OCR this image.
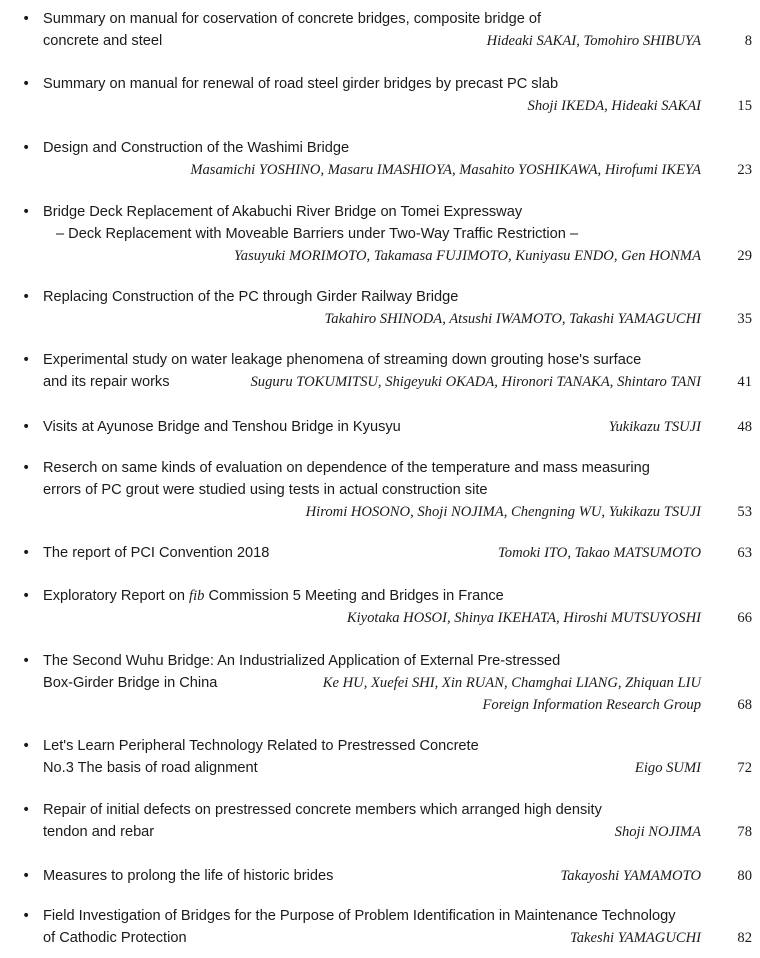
• Summary on manual for coservation of concrete bridges, composite bridge of
concrete and steel	Hideaki SAKAI, Tomohiro SHIBUYA	8
• Summary on manual for renewal of road steel girder bridges by precast PC slab
Shoji IKEDA, Hideaki SAKAI 15
• Design and Construction of the Washimi Bridge
Masamichi YOSHINO, Masaru IMASHIOYA, Masahito YOSHIKAWA, Hirofumi IKEYA 23
• Bridge Deck Replacement of Akabuchi River Bridge on Tomei Expressway
– Deck Replacement with Moveable Barriers under Two-Way Traffic Restriction –
Yasuyuki MORIMOTO, Takamasa FUJIMOTO, Kuniyasu ENDO, Gen HONMA 29
• Replacing Construction of the PC through Girder Railway Bridge
Takahiro SHINODA, Atsushi IWAMOTO, Takashi YAMAGUCHI 35
• Experimental study on water leakage phenomena of streaming down grouting hose's surface
and its repair works	Suguru TOKUMITSU, Shigeyuki OKADA, Hironori TANAKA, Shintaro TANI 41
• Visits at Ayunose Bridge and Tenshou Bridge in Kyusyu	Yukikazu TSUJI 48
• Reserch on same kinds of evaluation on dependence of the temperature and mass measuring
errors of PC grout were studied using tests in actual construction site
Hiromi HOSONO, Shoji NOJIMA, Chengning WU, Yukikazu TSUJI 53
• The report of PCI Convention 2018	Tomoki ITO, Takao MATSUMOTO 63
• Exploratory Report on fib Commission 5 Meeting and Bridges in France
Kiyotaka HOSOI, Shinya IKEHATA, Hiroshi MUTSUYOSHI 66
• The Second Wuhu Bridge: An Industrialized Application of External Pre-stressed
Box-Girder Bridge in China	Ke HU, Xuefei SHI, Xin RUAN, Chamghai LIANG, Zhiquan LIU
Foreign Information Research Group 68
• Let's Learn Peripheral Technology Related to Prestressed Concrete
No.3 The basis of road alignment	Eigo SUMI 72
• Repair of initial defects on prestressed concrete members which arranged high density
tendon and rebar	Shoji NOJIMA 78
• Measures to prolong the life of historic brides	Takayoshi YAMAMOTO 80
• Field Investigation of Bridges for the Purpose of Problem Identification in Maintenance Technology
of Cathodic Protection	Takeshi YAMAGUCHI 82
